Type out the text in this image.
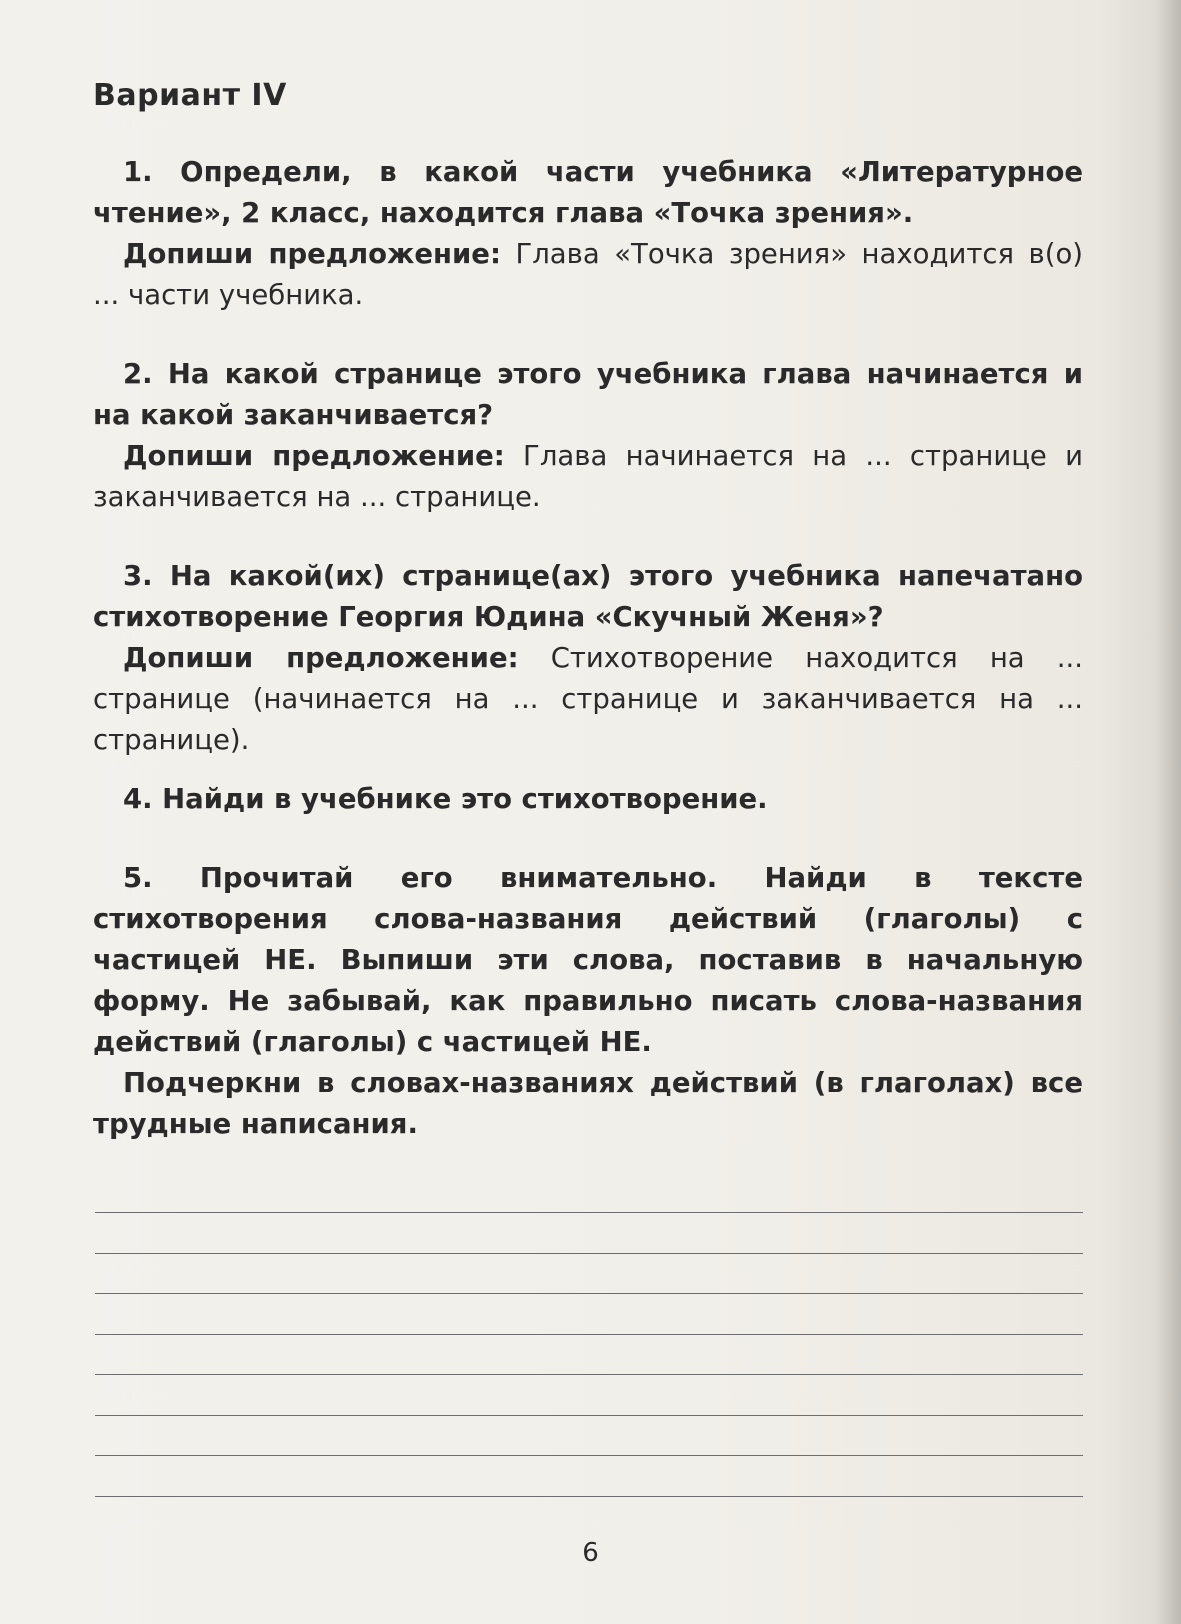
Вариант IV
1. Определи, в какой части учебника «Литературное чтение», 2 класс, находится глава «Точка зрения».
Допиши предложение: Глава «Точка зрения» находится в(о) ... части учебника.
2. На какой странице этого учебника глава начинается и на какой заканчивается?
Допиши предложение: Глава начинается на ... странице и заканчивается на ... странице.
3. На какой(их) странице(ах) этого учебника напечатано стихотворение Георгия Юдина «Скучный Женя»?
Допиши предложение: Стихотворение находится на ... странице (начинается на ... странице и заканчивается на ... странице).
4. Найди в учебнике это стихотворение.
5. Прочитай его внимательно. Найди в тексте стихотворения слова-названия действий (глаголы) с частицей НЕ. Выпиши эти слова, поставив в начальную форму. Не забывай, как правильно писать слова-названия действий (глаголы) с частицей НЕ.
Подчеркни в словах-названиях действий (в глаголах) все трудные написания.
6
